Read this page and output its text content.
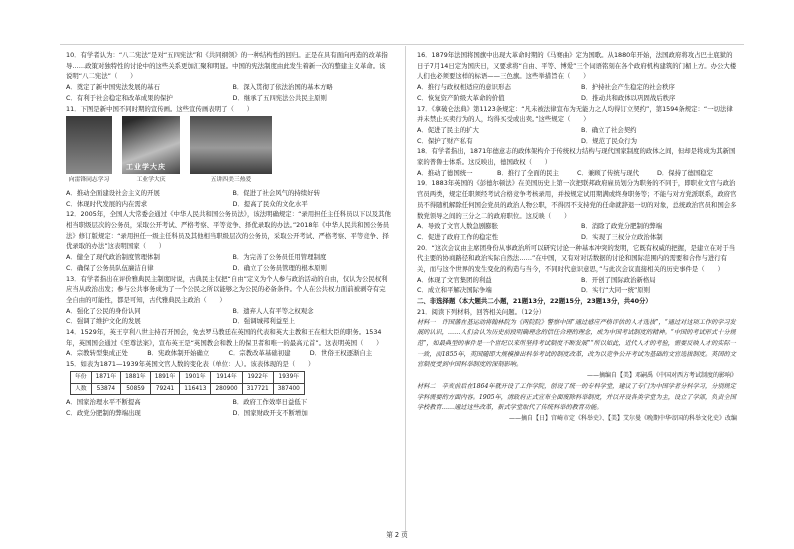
10．有学者认为：“八二宪法”是对“五四宪法”和《共同纲领》的一种结构性的回归。正是在具有面向再造的改革指导……政策对独特性的讨论中的这些关系更加汇聚和明显。中国的宪法制度由此发生着新一次的整建主义革命。该说明“八二宪法”（　　）
A．奠定了新中国宪法发展的基石	B．深入贯彻了依法治国的基本方略
C．有利于社会稳定和改革成果的保护	D．继承了五四宪法公共民主原则
11．下图是新中国不同时期的宣传画。这些宣传画表明了（　　）
向雷锋同志学习
工业学大庆
工业学大庆	五讲四美三热爱
A．推动全面建设社会主义的开展	B．促进了社会风气的持续好转
C．体现时代发展的内在需求	D．提高了民众的文化水平
12．2005年，全国人大常委会通过《中华人民共和国公务员法》，该法明确规定：“录用担任主任科员以下以及其他相当职级层次的公务员，采取公开考试、严格考察、平等竞争、择优录取的办法。”2018年《中华人民共和国公务员法》修订版规定：“录用担任一级主任科员及其他相当职级层次的公务员，采取公开考试、严格考察、平等竞争、择优录取的办法”这表明国家（　　）
A．健全了现代政治制度管理体制	B．为完善了公务员任用管理制度
C．确保了公务员队伍廉洁自律	D．确立了公务员管理的根本原则
13．有学者指出在评价雅典民主制度时说，古典民主仅把“自由”定义为个人参与政治活动的自由，仅认为公民权利应当从政治出发；参与公共事务成为了一个公民之所以能够之为公民的必备条件。个人在公共权力面前被剥夺有完全自由的可能性，都是可知，古代雅典民主政治（　　）
A．强化了公民的身份认同	B．遗弃人人有平等之权观念
C．强调了维护文化的发展	D．强调城邦利益至上
14．1529年，英王亨利八世主持召开国会，免去罗马教廷在英国的代表和英大主教和王在相大臣的职务。1534年，英国国会通过《至尊法案》，宣布英王是“英国教会和教上的保卫者和唯一的最高元首”。这表明英国（　　）
A．宗教转型集成正处	B．宪政体制开始确立	C．宗教改革基础初建	D．世俗王权逐渐自主
15．如表为1871—1939年英国文官人数的变化表（单位：人）。该表体现的是（　　）
年份	1871年	1881年	1891年	1901年	1914年	1922年	1939年
人数	53874	50859	79241	116413	280900	317721	387400
A．国家治理水平不断提高	B．政府工作效率日益低下
C．政党分肥制的弊端出现	D．国家财政开支不断增加
16．1879年法国将国旗中出现大革命时期的《马赛曲》定为国歌。从1880年开始，法国政府将攻占巴士底狱的日子7月14日定为国庆日，又要求将“自由、平等、博爱”三个词语铭刻在各个政府机构建筑的门楣上方。办公大楼人们也必须要这样的标语——三色旗。这些举措旨在（　　）
A．推行与政权相适应的意识形态	B．护持社会产生稳定的社会秩序
C．恢复资产阶级大革命的价值	D．推动共和政体以巩固战后秩序
17．《拿破仑法典》第1123条规定：“凡未被法律宣布为无能力之人均得订立契约”，第1594条规定：“一切法律并未禁止买卖行为的人，均得买受或出卖。”这些规定（　　）
A．促进了民主的扩大	B．确立了社会契约
C．保护了财产私有	D．规范了民众行为
18．有学者指出，1871年德意志的政体架构介于传统权力结构与现代国家制度的政体之间，但却是将成为其新国家的普鲁士体系。这反映出，德国政权（　　）
A．推动了德国统一	B．推行了全面的民主	C．兼顾了传统与现代	D．保持了德国稳定
19．1883年英国的《彭德尔顿法》在美国历史上第一次把联邦政府雇员划分为职务的不同于，即职业文官与政治官员两类，规定任职须经考试合格竞争考核录用，并按规定试用期满或终身职务等；不能与对方党派联系，政府官员不得随机解除任何国会党员的政治人物公职，不得因不支持党的任命就辞退一切的对象，总统政治官员和国会多数党领导之间的三分之二的政府职位。这反映（　　）
A．导致了文官人数急剧膨胀	B．消除了政党分肥制的弊端
C．促进了政府工作的稳定性	D．实现了三权分立政治体制
20．“这次会议由主席团身份从事政治所可以研究讨论一种基本冲突的发明，它既有权威的把握，是建立在对于当代主要的协商路径和政治实际自然法……”在中国，又有对对话数据的讨论和国际范围内的需要和合作与进行有关，而与这个世界的发生变化的构造与当今，不同时代意识意思，”与此次会议直接相关的历史事件是（　　）
A．体现了文官集团的利益	B．开创了国际政治新格局
C．成立和平解决国际争端	D．实行“大同一统”原则
二、非选择题（本大题共二小题，21题13分，22题15分，23题13分，共40分）
21．阅读下列材料，回答相关问题。（12分）
材料一　许国藩在基运动将翰林院为《两院院》警察中国“通过感应严格评估的人才选拔”，“通过对这项工作的学习发展的认识，……人们会认为历史前段明确理念的信任合理的理念，成为中国考试制度的精神。“中国的考试形式十分规范”，如最典型的事件是一个世纪以来所坚持考试制度不断发展”“所以如此，近代人才的考验，需要反映人才的实际一一致，而1855年，英国随即大规模推出科举考试的制度改革，改为以竞争公开考试为基础的文官选拔制度。英国的文官制度受到中国科举制度的深刻影响。
——摘编自【美】邓嗣禹《中国对西方考试制度的影响》
材料二　辛亥前后在1864年就开设了工作学院，创设了统一的专科学堂，建议了专门为中国学者分科学习，分别规定学科需要的方面内容。1905年，清政府正式宣布全面废除科举制度，并以开设各类学堂为主，设立了学部，负责全国学校教育……通过这些改革，新式学堂取代了传统科举的教育功能。
——摘自【日】宫崎市定《科举史》、【美】艾尔曼《晚期中华帝国的科举文化史》改编
第 2 页
